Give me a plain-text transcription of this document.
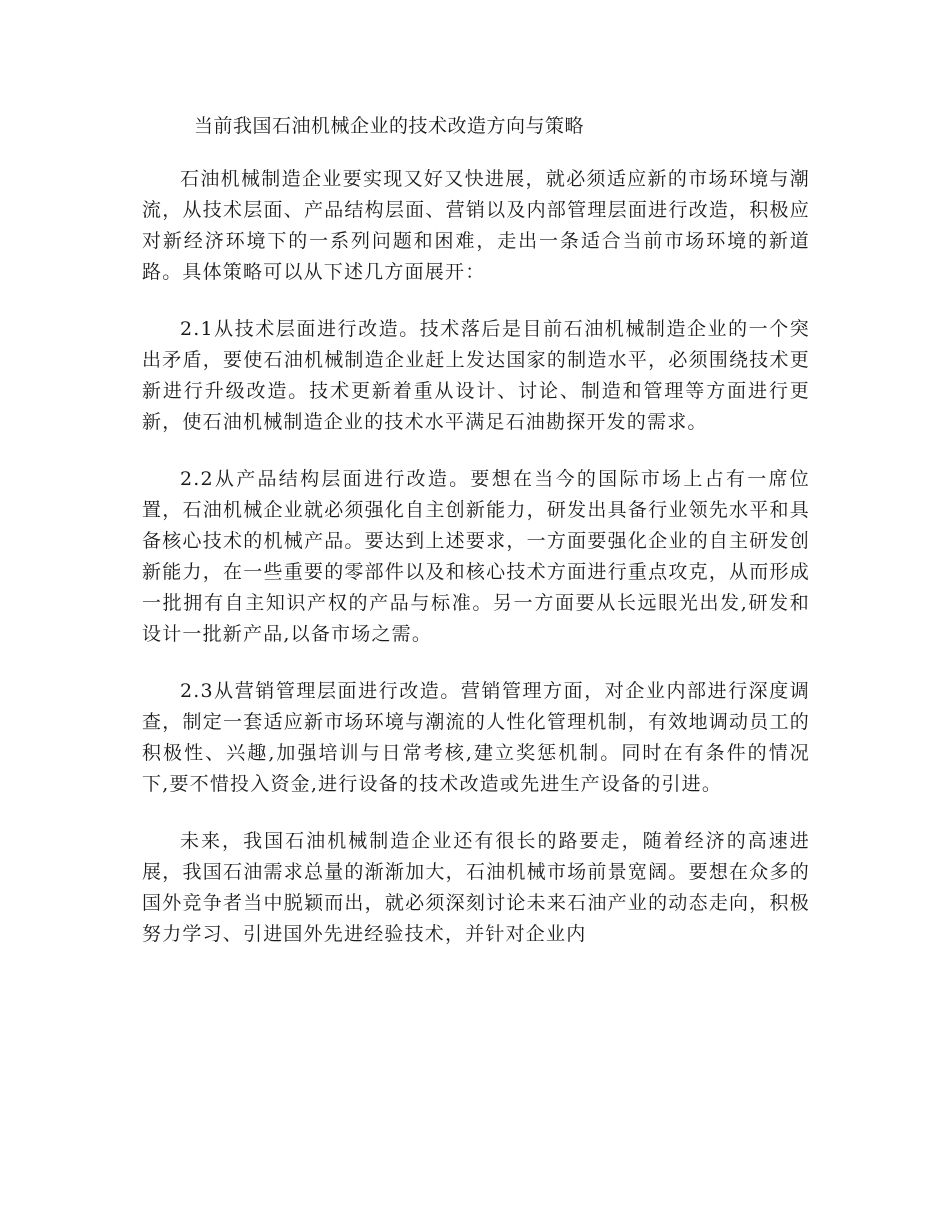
当前我国石油机械企业的技术改造方向与策略

石油机械制造企业要实现又好又快进展，就必须适应新的市场环境与潮流，从技术层面、产品结构层面、营销以及内部管理层面进行改造，积极应对新经济环境下的一系列问题和困难，走出一条适合当前市场环境的新道路。具体策略可以从下述几方面展开：

2.1从技术层面进行改造。技术落后是目前石油机械制造企业的一个突出矛盾，要使石油机械制造企业赶上发达国家的制造水平，必须围绕技术更新进行升级改造。技术更新着重从设计、讨论、制造和管理等方面进行更新，使石油机械制造企业的技术水平满足石油勘探开发的需求。

2.2从产品结构层面进行改造。要想在当今的国际市场上占有一席位置，石油机械企业就必须强化自主创新能力，研发出具备行业领先水平和具备核心技术的机械产品。要达到上述要求，一方面要强化企业的自主研发创新能力，在一些重要的零部件以及和核心技术方面进行重点攻克，从而形成一批拥有自主知识产权的产品与标准。另一方面要从长远眼光出发,研发和设计一批新产品,以备市场之需。

2.3从营销管理层面进行改造。营销管理方面，对企业内部进行深度调查，制定一套适应新市场环境与潮流的人性化管理机制，有效地调动员工的积极性、兴趣,加强培训与日常考核,建立奖惩机制。同时在有条件的情况下,要不惜投入资金,进行设备的技术改造或先进生产设备的引进。

未来，我国石油机械制造企业还有很长的路要走，随着经济的高速进展，我国石油需求总量的渐渐加大，石油机械市场前景宽阔。要想在众多的国外竞争者当中脱颖而出，就必须深刻讨论未来石油产业的动态走向，积极努力学习、引进国外先进经验技术，并针对企业内
